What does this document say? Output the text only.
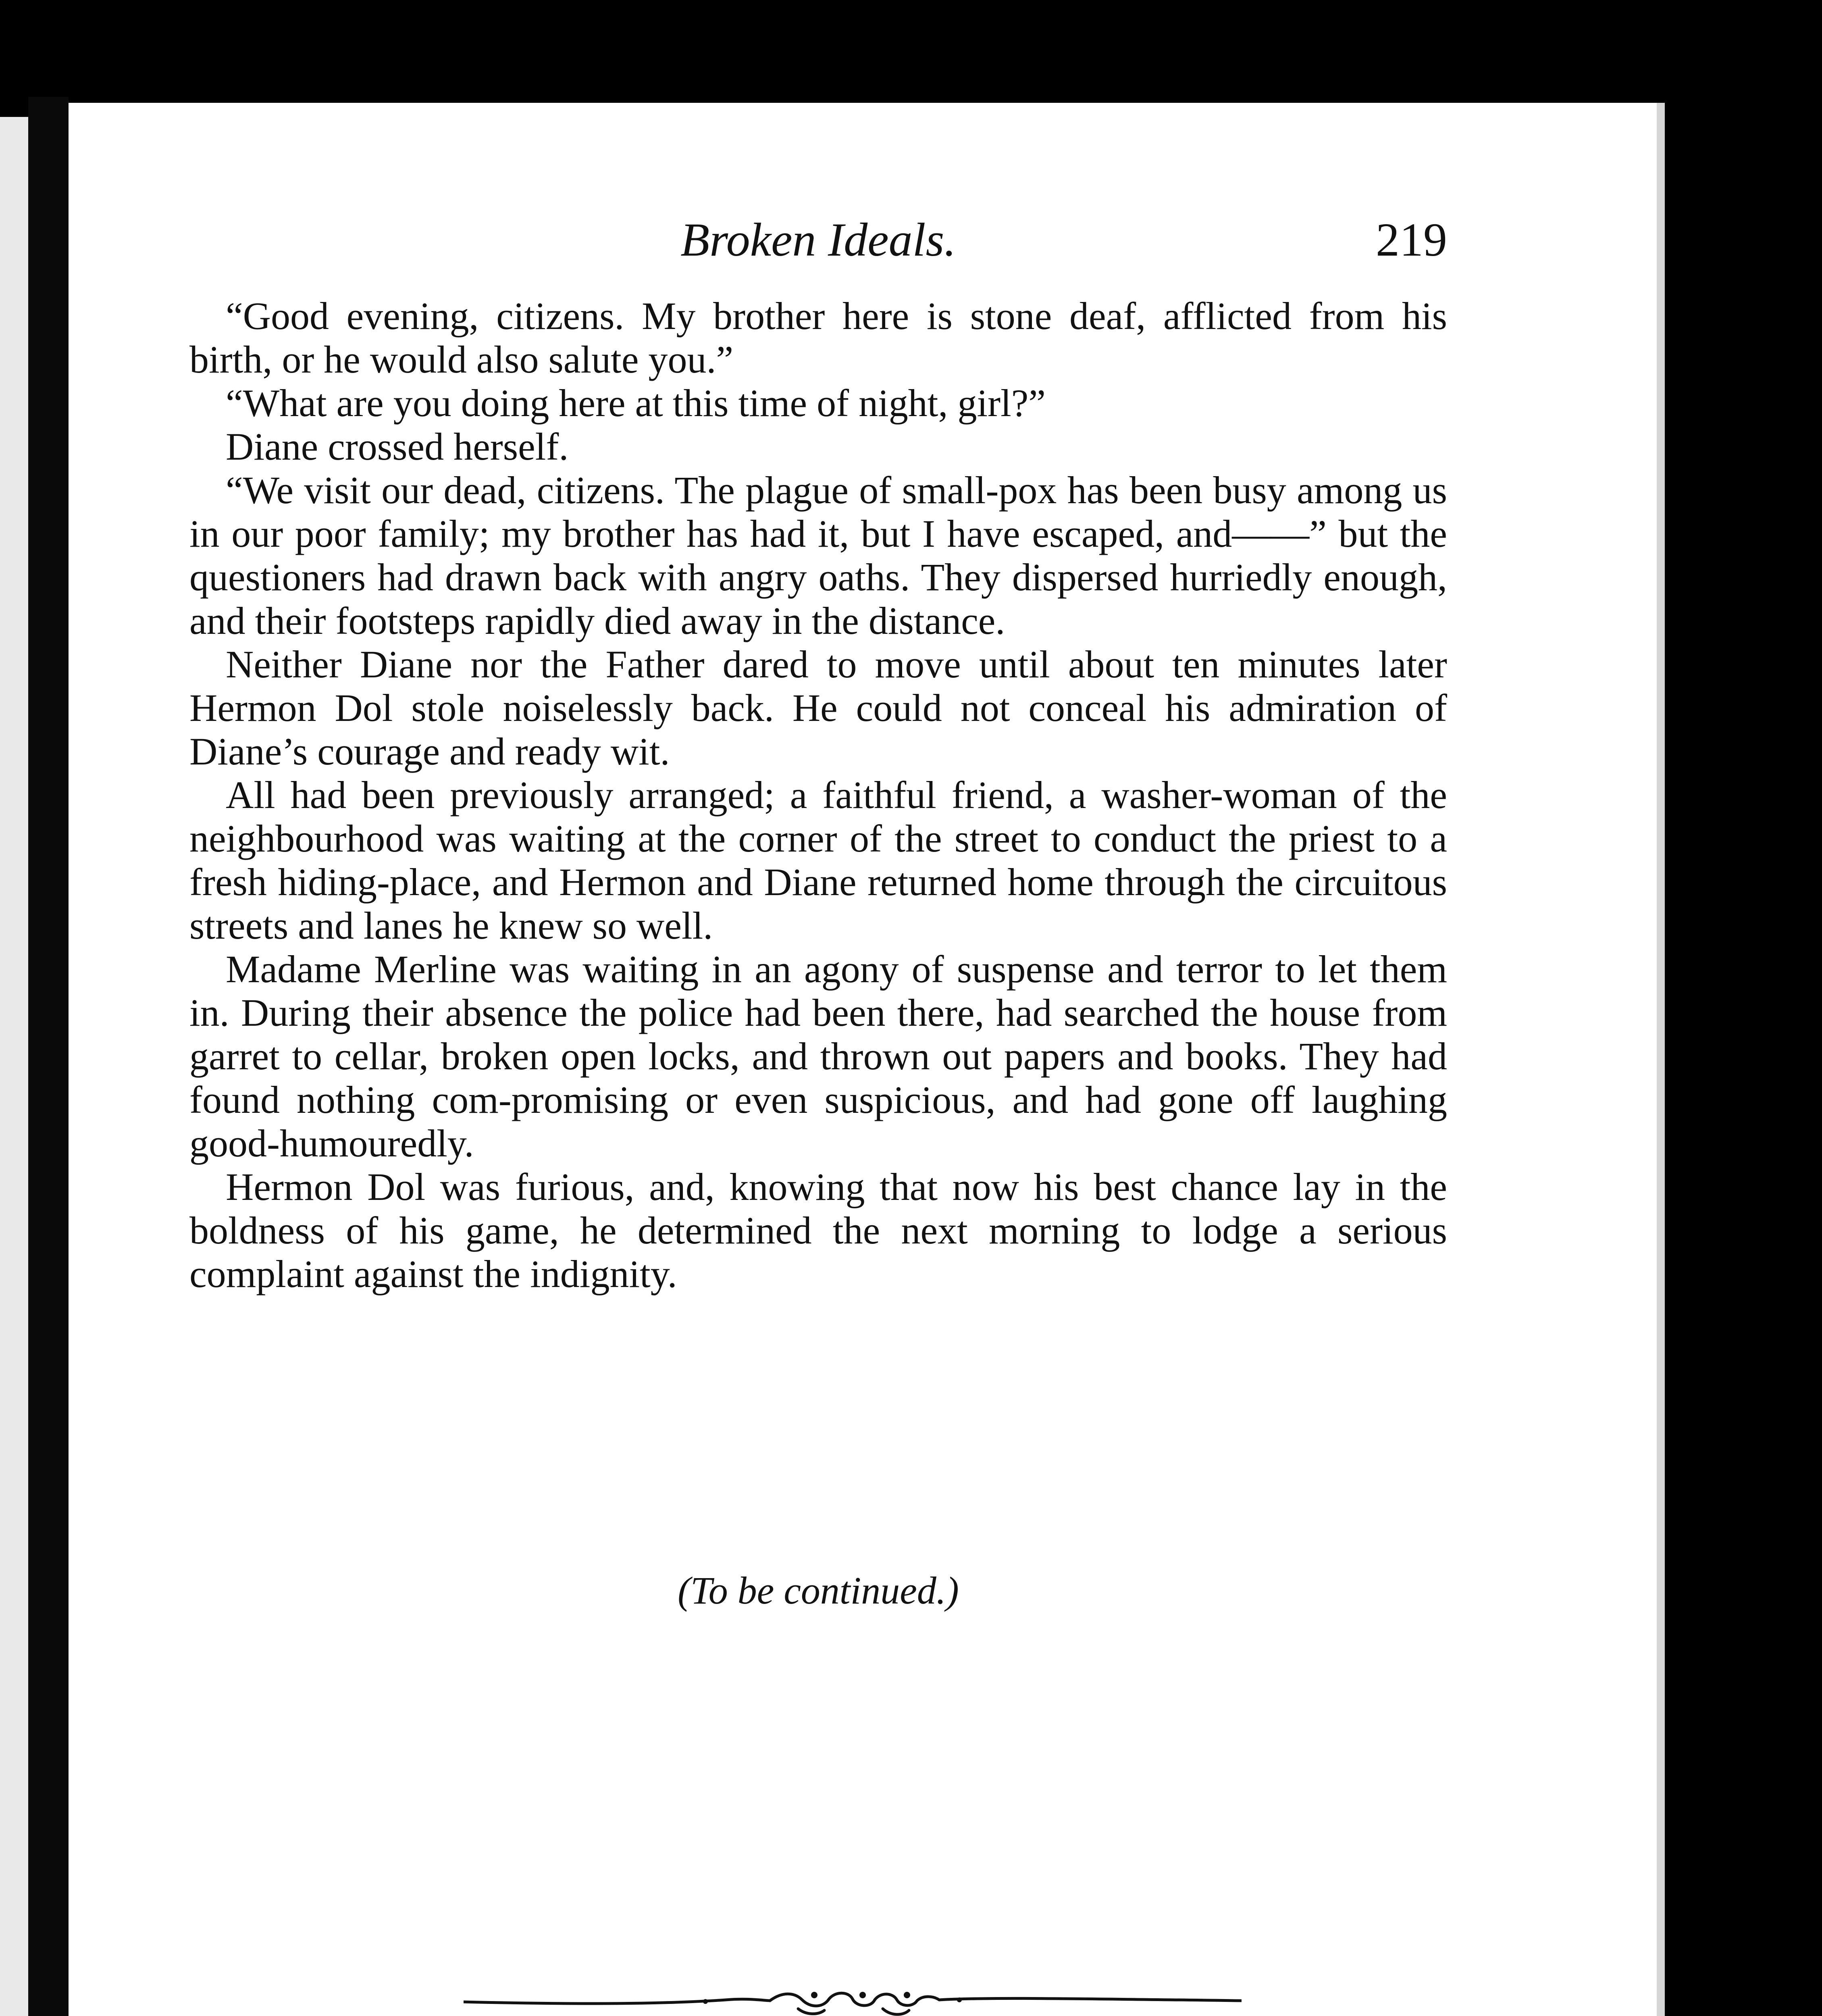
Broken Ideals.	219

“Good evening, citizens. My brother here is stone deaf, afflicted from his birth, or he would also salute you.”

“What are you doing here at this time of night, girl?”

Diane crossed herself.

“We visit our dead, citizens. The plague of small-pox has been busy among us in our poor family; my brother has had it, but I have escaped, and——” but the questioners had drawn back with angry oaths. They dispersed hurriedly enough, and their footsteps rapidly died away in the distance.

Neither Diane nor the Father dared to move until about ten minutes later Hermon Dol stole noiselessly back. He could not conceal his admiration of Diane’s courage and ready wit.

All had been previously arranged; a faithful friend, a washer-woman of the neighbourhood was waiting at the corner of the street to conduct the priest to a fresh hiding-place, and Hermon and Diane returned home through the circuitous streets and lanes he knew so well.

Madame Merline was waiting in an agony of suspense and terror to let them in. During their absence the police had been there, had searched the house from garret to cellar, broken open locks, and thrown out papers and books. They had found nothing com-promising or even suspicious, and had gone off laughing good-humouredly.

Hermon Dol was furious, and, knowing that now his best chance lay in the boldness of his game, he determined the next morning to lodge a serious complaint against the indignity.

(To be continued.)
